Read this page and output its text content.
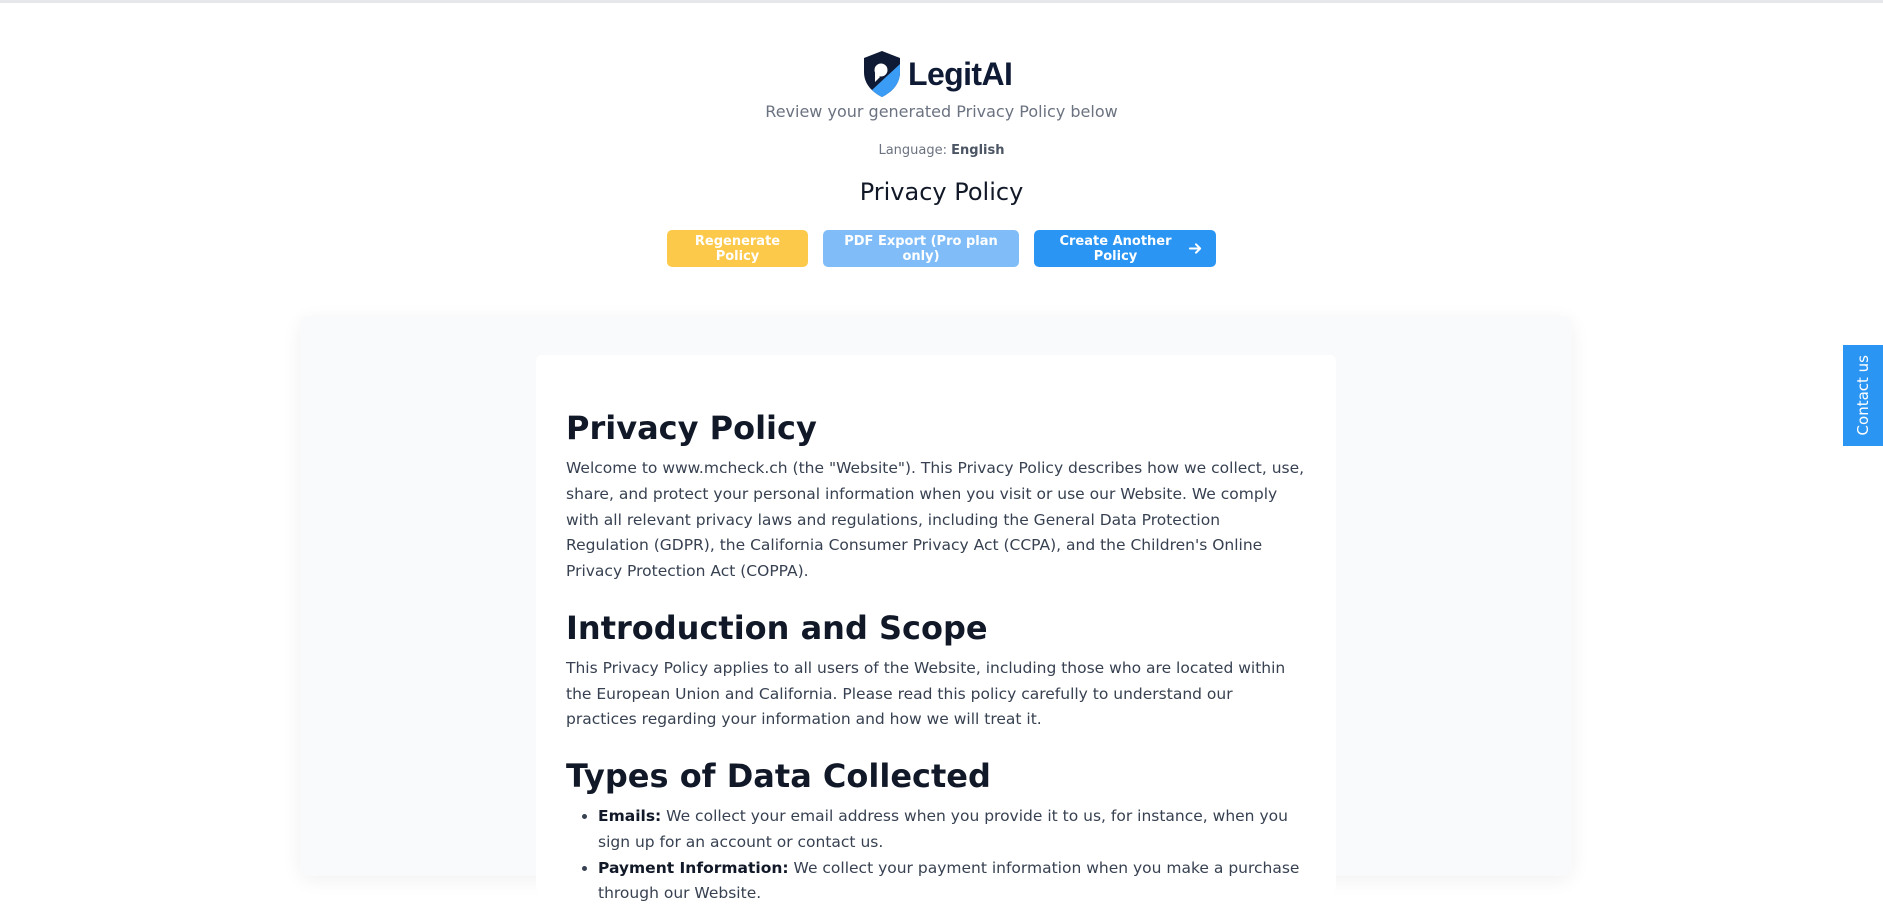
LegitAI
Review your generated Privacy Policy below
Language: English
Privacy Policy
Regenerate Policy
PDF Export (Pro plan only)
Create Another Policy
Privacy Policy

Welcome to www.mcheck.ch (the "Website"). This Privacy Policy describes how we collect, use, share, and protect your personal information when you visit or use our Website. We comply with all relevant privacy laws and regulations, including the General Data Protection Regulation (GDPR), the California Consumer Privacy Act (CCPA), and the Children's Online Privacy Protection Act (COPPA).

Introduction and Scope

This Privacy Policy applies to all users of the Website, including those who are located within the European Union and California. Please read this policy carefully to understand our practices regarding your information and how we will treat it.

Types of Data Collected
• Emails: We collect your email address when you provide it to us, for instance, when you sign up for an account or contact us.
• Payment Information: We collect your payment information when you make a purchase through our Website.
Contact us
